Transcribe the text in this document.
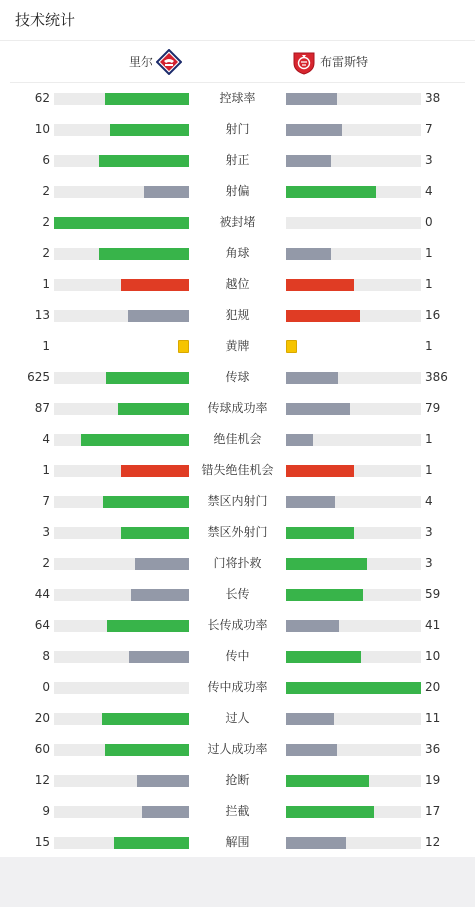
技术统计
里尔	布雷斯特
62	控球率	38
10	射门	7
6	射正	3
2	射偏	4
2	被封堵	0
2	角球	1
1	越位	1
13	犯规	16
1	黄牌	1
625	传球	386
87	传球成功率	79
4	绝佳机会	1
1	错失绝佳机会	1
7	禁区内射门	4
3	禁区外射门	3
2	门将扑救	3
44	长传	59
64	长传成功率	41
8	传中	10
0	传中成功率	20
20	过人	11
60	过人成功率	36
12	抢断	19
9	拦截	17
15	解围	12
